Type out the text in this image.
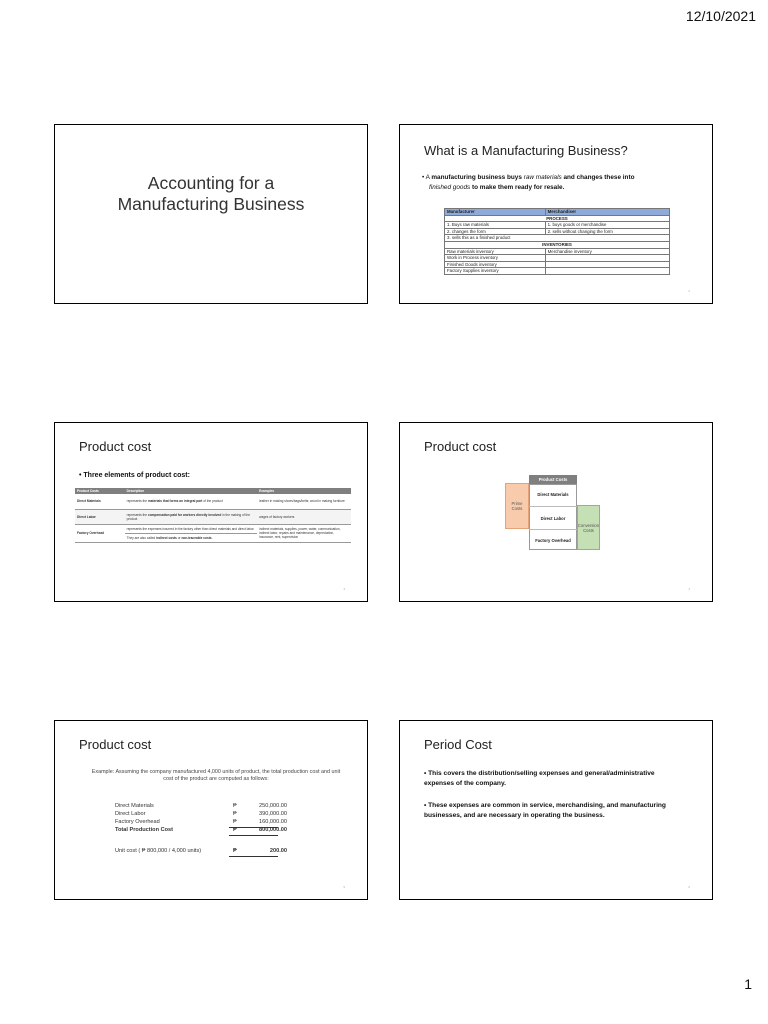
12/10/2021
Accounting for a
Manufacturing Business
What is a Manufacturing Business?
• A manufacturing business buys raw materials and changes these into
finished goods to make them ready for resale.
Manufacturer	Merchandiser
PROCESS	
1. Buys raw materials	1. buys goods or merchandise
2. changes the form	2. sells without changing the form
3. sells this as a finished product	
INVENTORIES	
Raw materials inventory	Merchandise inventory
Work in Process inventory	
Finished Goods inventory	
Factory Supplies inventory	
2
Product cost
• Three elements of product cost:
Product Costs	Description	Examples
Direct Materials	represents the materials that forms an integral part of the product	leather in making shoes/bags/belts; wood in making furniture
Direct Labor	represents the compensation paid for workers directly involved in the making of the product	wages of factory workers
Factory Overhead	represents the expenses incurred in the factory other than direct materials and direct labor.	indirect materials, supplies, power, water, communication, indirect labor, repairs and maintenance, depreciation, insurance, rent, supervision
	They are also called indirect costs or non-traceable costs.	
3
Product cost
Prime Costs
Conversion Costs
Product Costs
Direct Materials
Direct Labor
Factory Overhead
4
Product cost
Example: Assuming the company manufactured 4,000 units of product, the total production cost and unit cost of the product are computed as follows:
Direct Materials	₱	250,000.00
Direct Labor	₱	390,000.00
Factory Overhead	₱	160,000.00
Total Production Cost	₱	800,000.00
Unit cost ( ₱ 800,000 / 4,000 units)	₱	200.00
5
Period Cost
• This covers the distribution/selling expenses and general/administrative expenses of the company.
• These expenses are common in service, merchandising, and manufacturing businesses, and are necessary in operating the business.
6
1
